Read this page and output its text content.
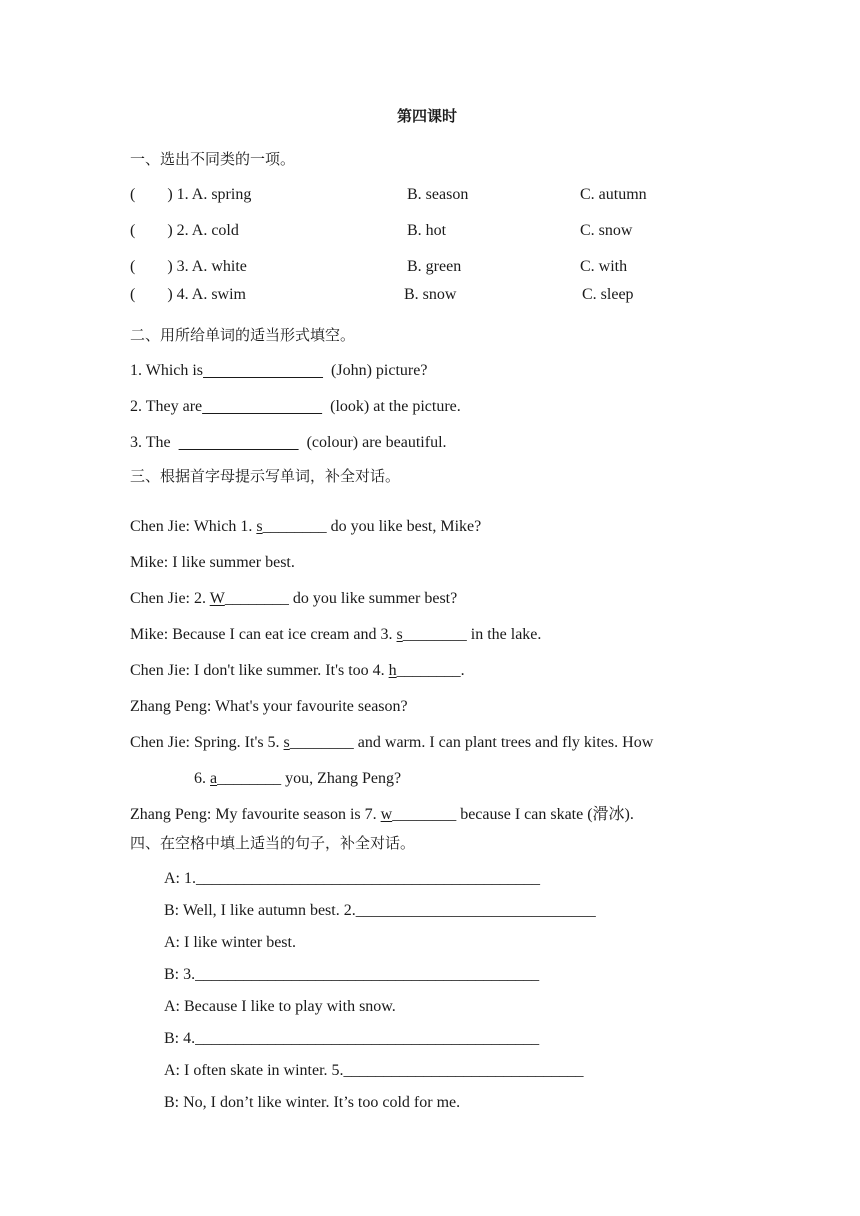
第四课时
一、选出不同类的一项。
(        ) 1. A. spring	B. season	C. autumn
(        ) 2. A. cold	B. hot	C. snow
(        ) 3. A. white	B. green	C. with
(        ) 4. A. swim	B. snow	C. sleep
二、用所给单词的适当形式填空。
1. Which is	(John) picture?
2. They are	(look) at the picture.
3. The	(colour) are beautiful.
三、根据首字母提示写单词，补全对话。
Chen Jie: Which 1. s________ do you like best, Mike?
Mike: I like summer best.
Chen Jie: 2. W________ do you like summer best?
Mike: Because I can eat ice cream and 3. s________ in the lake.
Chen Jie: I don't like summer. It's too 4. h________.
Zhang Peng: What's your favourite season?
Chen Jie: Spring. It's 5. s________ and warm. I can plant trees and fly kites. How
6. a________ you, Zhang Peng?
Zhang Peng: My favourite season is 7. w________ because I can skate (滑冰).
四、在空格中填上适当的句子，补全对话。
A: 1.___________________________________________
B: Well, I like autumn best. 2.______________________________
A: I like winter best.
B: 3.___________________________________________
A: Because I like to play with snow.
B: 4.___________________________________________
A: I often skate in winter. 5.______________________________
B: No, I don’t like winter. It’s too cold for me.
